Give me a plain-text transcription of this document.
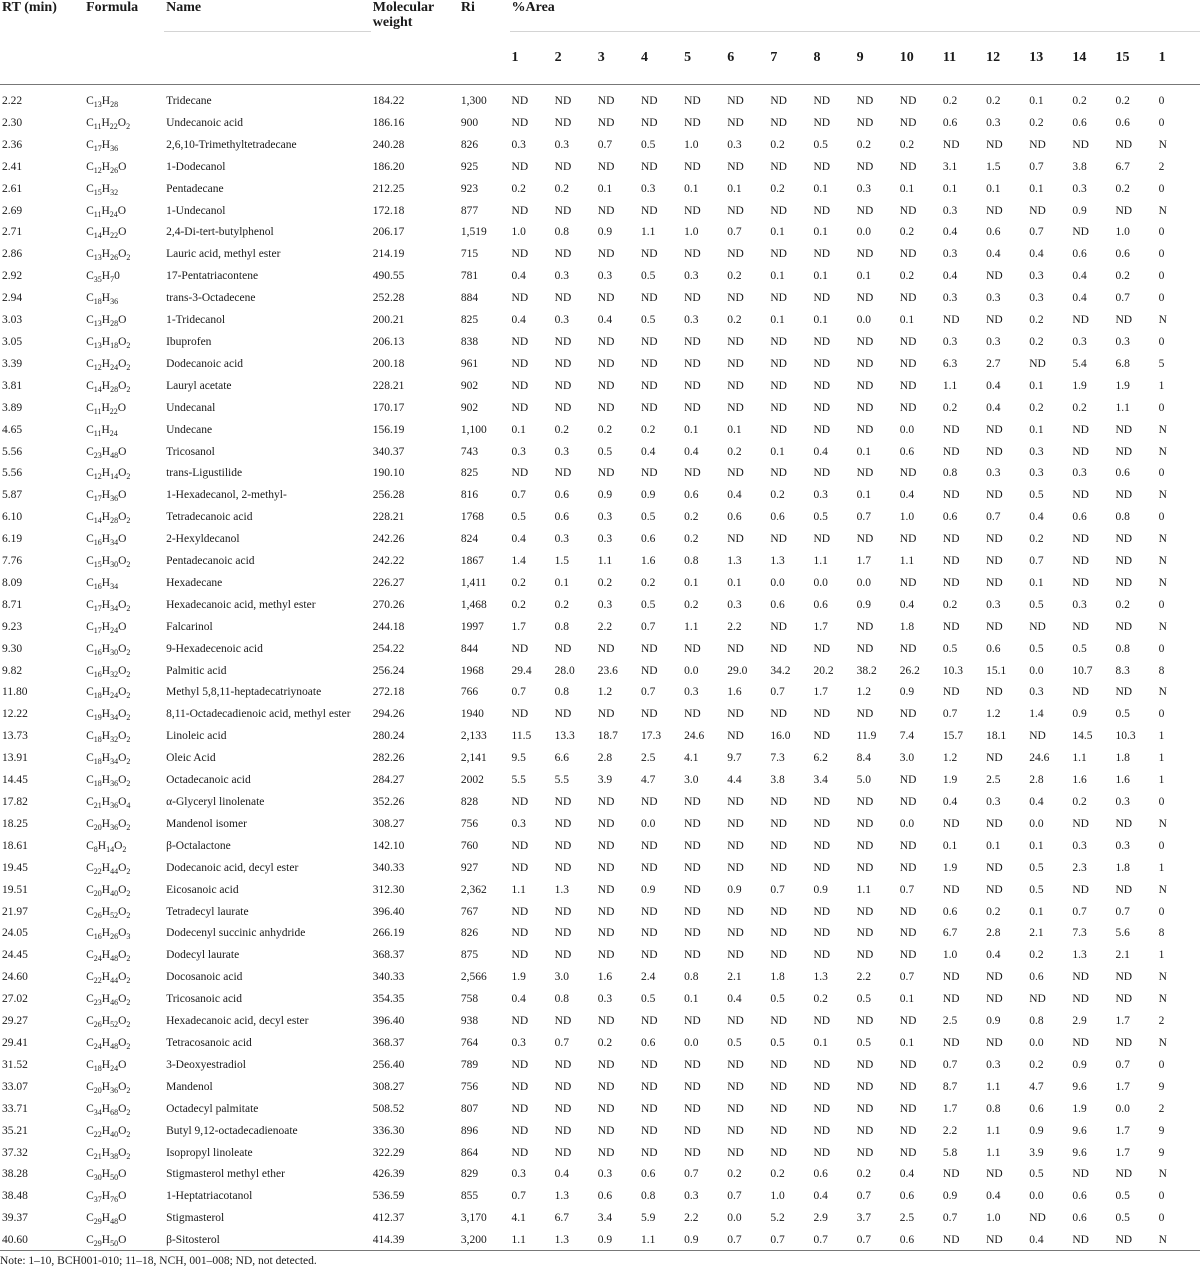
RT (min)	Formula	Name	Molecular weight	Ri	%Area															
					1	2	3	4	5	6	7	8	9	10	11	12	13	14	15	1

2.22	$C_{13}H_{28}$	Tridecane	184.22	1,300	ND	ND	ND	ND	ND	ND	ND	ND	ND	ND	0.2	0.2	0.1	0.2	0.2	0
2.30	$C_{11}H_{22}O_2$	Undecanoic acid	186.16	900	ND	ND	ND	ND	ND	ND	ND	ND	ND	ND	0.6	0.3	0.2	0.6	0.6	0
2.36	$C_{17}H_{36}$	2,6,10-Trimethyltetradecane	240.28	826	0.3	0.3	0.7	0.5	1.0	0.3	0.2	0.5	0.2	0.2	ND	ND	ND	ND	ND	N
2.41	$C_{12}H_{26}O$	1-Dodecanol	186.20	925	ND	ND	ND	ND	ND	ND	ND	ND	ND	ND	3.1	1.5	0.7	3.8	6.7	2
2.61	$C_{15}H_{32}$	Pentadecane	212.25	923	0.2	0.2	0.1	0.3	0.1	0.1	0.2	0.1	0.3	0.1	0.1	0.1	0.1	0.3	0.2	0
2.69	$C_{11}H_{24}O$	1-Undecanol	172.18	877	ND	ND	ND	ND	ND	ND	ND	ND	ND	ND	0.3	ND	ND	0.9	ND	N
2.71	$C_{14}H_{22}O$	2,4-Di-tert-butylphenol	206.17	1,519	1.0	0.8	0.9	1.1	1.0	0.7	0.1	0.1	0.0	0.2	0.4	0.6	0.7	ND	1.0	0
2.86	$C_{13}H_{26}O_2$	Lauric acid, methyl ester	214.19	715	ND	ND	ND	ND	ND	ND	ND	ND	ND	ND	0.3	0.4	0.4	0.6	0.6	0
2.92	$C_{35}H_70$	17-Pentatriacontene	490.55	781	0.4	0.3	0.3	0.5	0.3	0.2	0.1	0.1	0.1	0.2	0.4	ND	0.3	0.4	0.2	0
2.94	$C_{18}H_{36}$	trans-3-Octadecene	252.28	884	ND	ND	ND	ND	ND	ND	ND	ND	ND	ND	0.3	0.3	0.3	0.4	0.7	0
3.03	$C_{13}H_{28}O$	1-Tridecanol	200.21	825	0.4	0.3	0.4	0.5	0.3	0.2	0.1	0.1	0.0	0.1	ND	ND	0.2	ND	ND	N
3.05	$C_{13}H_{18}O_2$	Ibuprofen	206.13	838	ND	ND	ND	ND	ND	ND	ND	ND	ND	ND	0.3	0.3	0.2	0.3	0.3	0
3.39	$C_{12}H_{24}O_2$	Dodecanoic acid	200.18	961	ND	ND	ND	ND	ND	ND	ND	ND	ND	ND	6.3	2.7	ND	5.4	6.8	5
3.81	$C_{14}H_{28}O_2$	Lauryl acetate	228.21	902	ND	ND	ND	ND	ND	ND	ND	ND	ND	ND	1.1	0.4	0.1	1.9	1.9	1
3.89	$C_{11}H_{22}O$	Undecanal	170.17	902	ND	ND	ND	ND	ND	ND	ND	ND	ND	ND	0.2	0.4	0.2	0.2	1.1	0
4.65	$C_{11}H_{24}$	Undecane	156.19	1,100	0.1	0.2	0.2	0.2	0.1	0.1	ND	ND	ND	0.0	ND	ND	0.1	ND	ND	N
5.56	$C_{23}H_{48}O$	Tricosanol	340.37	743	0.3	0.3	0.5	0.4	0.4	0.2	0.1	0.4	0.1	0.6	ND	ND	0.3	ND	ND	N
5.56	$C_{12}H_{14}O_2$	trans-Ligustilide	190.10	825	ND	ND	ND	ND	ND	ND	ND	ND	ND	ND	0.8	0.3	0.3	0.3	0.6	0
5.87	$C_{17}H_{36}O$	1-Hexadecanol, 2-methyl-	256.28	816	0.7	0.6	0.9	0.9	0.6	0.4	0.2	0.3	0.1	0.4	ND	ND	0.5	ND	ND	N
6.10	$C_{14}H_{28}O_2$	Tetradecanoic acid	228.21	1768	0.5	0.6	0.3	0.5	0.2	0.6	0.6	0.5	0.7	1.0	0.6	0.7	0.4	0.6	0.8	0
6.19	$C_{16}H_{34}O$	2-Hexyldecanol	242.26	824	0.4	0.3	0.3	0.6	0.2	ND	ND	ND	ND	ND	ND	ND	0.2	ND	ND	N
7.76	$C_{15}H_{30}O_2$	Pentadecanoic acid	242.22	1867	1.4	1.5	1.1	1.6	0.8	1.3	1.3	1.1	1.7	1.1	ND	ND	0.7	ND	ND	N
8.09	$C_{16}H_{34}$	Hexadecane	226.27	1,411	0.2	0.1	0.2	0.2	0.1	0.1	0.0	0.0	0.0	ND	ND	ND	0.1	ND	ND	N
8.71	$C_{17}H_{34}O_2$	Hexadecanoic acid, methyl ester	270.26	1,468	0.2	0.2	0.3	0.5	0.2	0.3	0.6	0.6	0.9	0.4	0.2	0.3	0.5	0.3	0.2	0
9.23	$C_{17}H_{24}O$	Falcarinol	244.18	1997	1.7	0.8	2.2	0.7	1.1	2.2	ND	1.7	ND	1.8	ND	ND	ND	ND	ND	N
9.30	$C_{16}H_{30}O_2$	9-Hexadecenoic acid	254.22	844	ND	ND	ND	ND	ND	ND	ND	ND	ND	ND	0.5	0.6	0.5	0.5	0.8	0
9.82	$C_{16}H_{32}O_2$	Palmitic acid	256.24	1968	29.4	28.0	23.6	ND	0.0	29.0	34.2	20.2	38.2	26.2	10.3	15.1	0.0	10.7	8.3	8
11.80	$C_{18}H_{24}O_2$	Methyl 5,8,11-heptadecatriynoate	272.18	766	0.7	0.8	1.2	0.7	0.3	1.6	0.7	1.7	1.2	0.9	ND	ND	0.3	ND	ND	N
12.22	$C_{19}H_{34}O_2$	8,11-Octadecadienoic acid, methyl ester	294.26	1940	ND	ND	ND	ND	ND	ND	ND	ND	ND	ND	0.7	1.2	1.4	0.9	0.5	0
13.73	$C_{18}H_{32}O_2$	Linoleic acid	280.24	2,133	11.5	13.3	18.7	17.3	24.6	ND	16.0	ND	11.9	7.4	15.7	18.1	ND	14.5	10.3	1
13.91	$C_{18}H_{34}O_2$	Oleic Acid	282.26	2,141	9.5	6.6	2.8	2.5	4.1	9.7	7.3	6.2	8.4	3.0	1.2	ND	24.6	1.1	1.8	1
14.45	$C_{18}H_{36}O_2$	Octadecanoic acid	284.27	2002	5.5	5.5	3.9	4.7	3.0	4.4	3.8	3.4	5.0	ND	1.9	2.5	2.8	1.6	1.6	1
17.82	$C_{21}H_{36}O_4$	α-Glyceryl linolenate	352.26	828	ND	ND	ND	ND	ND	ND	ND	ND	ND	ND	0.4	0.3	0.4	0.2	0.3	0
18.25	$C_{20}H_{36}O_2$	Mandenol isomer	308.27	756	0.3	ND	ND	0.0	ND	ND	ND	ND	ND	0.0	ND	ND	0.0	ND	ND	N
18.61	$C_8H_{14}O_2$	β-Octalactone	142.10	760	ND	ND	ND	ND	ND	ND	ND	ND	ND	ND	0.1	0.1	0.1	0.3	0.3	0
19.45	$C_{22}H_{44}O_2$	Dodecanoic acid, decyl ester	340.33	927	ND	ND	ND	ND	ND	ND	ND	ND	ND	ND	1.9	ND	0.5	2.3	1.8	1
19.51	$C_{20}H_{40}O_2$	Eicosanoic acid	312.30	2,362	1.1	1.3	ND	0.9	ND	0.9	0.7	0.9	1.1	0.7	ND	ND	0.5	ND	ND	N
21.97	$C_{26}H_{52}O_2$	Tetradecyl laurate	396.40	767	ND	ND	ND	ND	ND	ND	ND	ND	ND	ND	0.6	0.2	0.1	0.7	0.7	0
24.05	$C_{16}H_{26}O_3$	Dodecenyl succinic anhydride	266.19	826	ND	ND	ND	ND	ND	ND	ND	ND	ND	ND	6.7	2.8	2.1	7.3	5.6	8
24.45	$C_{24}H_{48}O_2$	Dodecyl laurate	368.37	875	ND	ND	ND	ND	ND	ND	ND	ND	ND	ND	1.0	0.4	0.2	1.3	2.1	1
24.60	$C_{22}H_{44}O_2$	Docosanoic acid	340.33	2,566	1.9	3.0	1.6	2.4	0.8	2.1	1.8	1.3	2.2	0.7	ND	ND	0.6	ND	ND	N
27.02	$C_{23}H_{46}O_2$	Tricosanoic acid	354.35	758	0.4	0.8	0.3	0.5	0.1	0.4	0.5	0.2	0.5	0.1	ND	ND	ND	ND	ND	N
29.27	$C_{26}H_{52}O_2$	Hexadecanoic acid, decyl ester	396.40	938	ND	ND	ND	ND	ND	ND	ND	ND	ND	ND	2.5	0.9	0.8	2.9	1.7	2
29.41	$C_{24}H_{48}O_2$	Tetracosanoic acid	368.37	764	0.3	0.7	0.2	0.6	0.0	0.5	0.5	0.1	0.5	0.1	ND	ND	0.0	ND	ND	N
31.52	$C_{18}H_{24}O$	3-Deoxyestradiol	256.40	789	ND	ND	ND	ND	ND	ND	ND	ND	ND	ND	0.7	0.3	0.2	0.9	0.7	0
33.07	$C_{20}H_{36}O_2$	Mandenol	308.27	756	ND	ND	ND	ND	ND	ND	ND	ND	ND	ND	8.7	1.1	4.7	9.6	1.7	9
33.71	$C_{34}H_{68}O_2$	Octadecyl palmitate	508.52	807	ND	ND	ND	ND	ND	ND	ND	ND	ND	ND	1.7	0.8	0.6	1.9	0.0	2
35.21	$C_{22}H_{40}O_2$	Butyl 9,12-octadecadienoate	336.30	896	ND	ND	ND	ND	ND	ND	ND	ND	ND	ND	2.2	1.1	0.9	9.6	1.7	9
37.32	$C_{21}H_{38}O_2$	Isopropyl linoleate	322.29	864	ND	ND	ND	ND	ND	ND	ND	ND	ND	ND	5.8	1.1	3.9	9.6	1.7	9
38.28	$C_{30}H_{50}O$	Stigmasterol methyl ether	426.39	829	0.3	0.4	0.3	0.6	0.7	0.2	0.2	0.6	0.2	0.4	ND	ND	0.5	ND	ND	N
38.48	$C_{37}H_{76}O$	1-Heptatriacotanol	536.59	855	0.7	1.3	0.6	0.8	0.3	0.7	1.0	0.4	0.7	0.6	0.9	0.4	0.0	0.6	0.5	0
39.37	$C_{29}H_{48}O$	Stigmasterol	412.37	3,170	4.1	6.7	3.4	5.9	2.2	0.0	5.2	2.9	3.7	2.5	0.7	1.0	ND	0.6	0.5	0
40.60	$C_{29}H_{50}O$	β-Sitosterol	414.39	3,200	1.1	1.3	0.9	1.1	0.9	0.7	0.7	0.7	0.7	0.6	ND	ND	0.4	ND	ND	N
Note: 1–10, BCH001-010; 11–18, NCH, 001–008; ND, not detected.
